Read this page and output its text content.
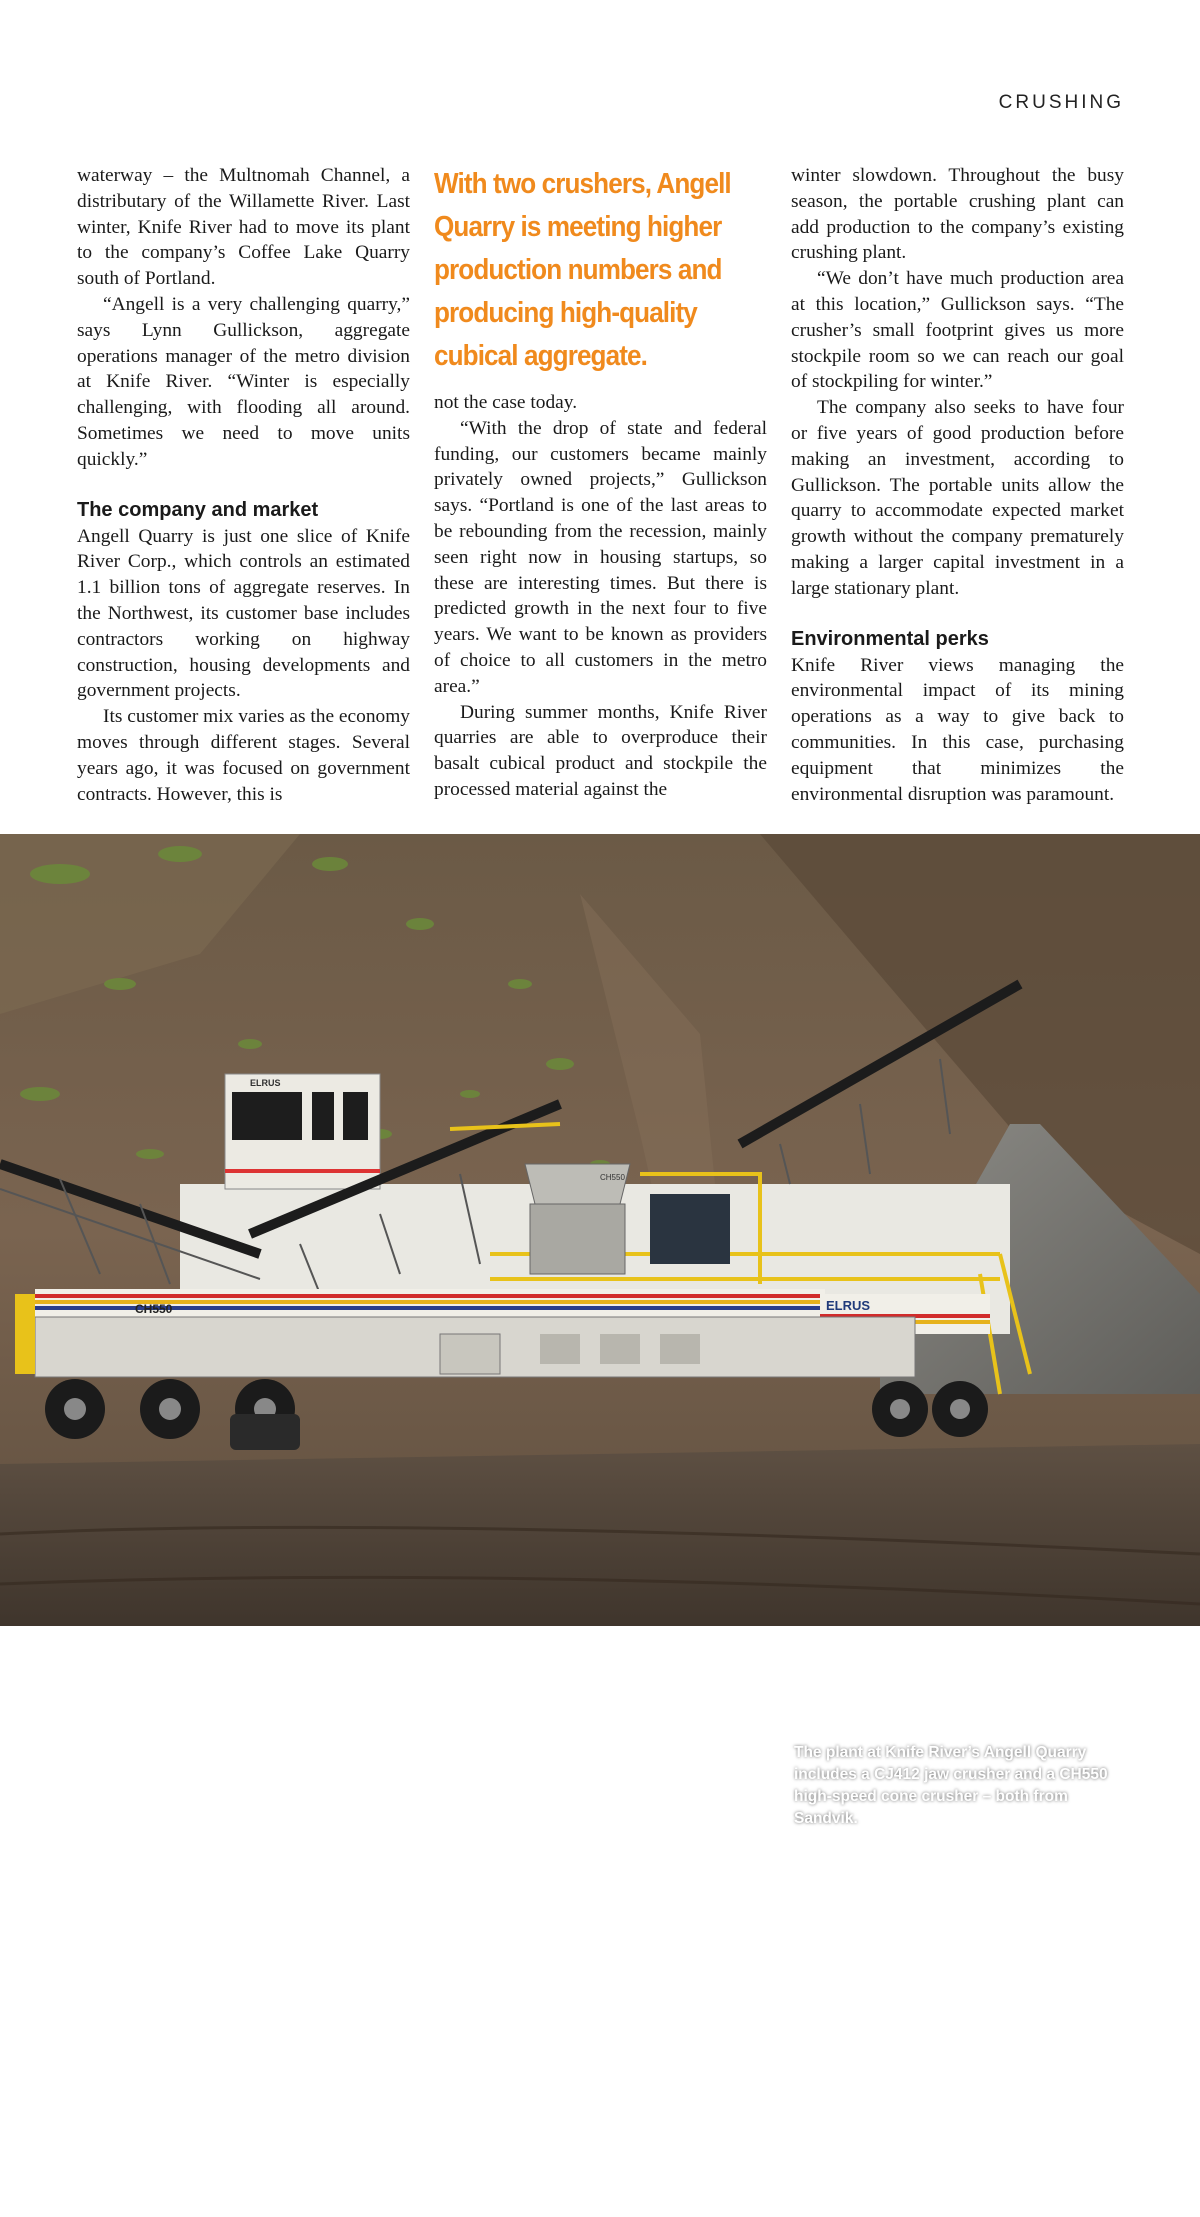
CRUSHING

waterway – the Multnomah Channel, a distributary of the Willamette River. Last winter, Knife River had to move its plant to the company’s Coffee Lake Quarry south of Portland.

“Angell is a very challenging quarry,” says Lynn Gullickson, aggregate operations manager of the metro division at Knife River. “Winter is especially challenging, with flooding all around. Sometimes we need to move units quickly.”

The company and market

Angell Quarry is just one slice of Knife River Corp., which controls an estimated 1.1 billion tons of aggregate reserves. In the Northwest, its customer base includes contractors working on highway construction, housing developments and government projects.

Its customer mix varies as the economy moves through different stages. Several years ago, it was focused on government contracts. However, this is

With two crushers, Angell Quarry is meeting higher production numbers and producing high-quality cubical aggregate.

not the case today.

“With the drop of state and federal funding, our customers became mainly privately owned projects,” Gullickson says. “Portland is one of the last areas to be rebounding from the recession, mainly seen right now in housing startups, so these are interesting times. But there is predicted growth in the next four to five years. We want to be known as providers of choice to all customers in the metro area.”

During summer months, Knife River quarries are able to overproduce their basalt cubical product and stockpile the processed material against the

winter slowdown. Throughout the busy season, the portable crushing plant can add production to the company’s existing crushing plant.

“We don’t have much production area at this location,” Gullickson says. “The crusher’s small footprint gives us more stockpile room so we can reach our goal of stockpiling for winter.”

The company also seeks to have four or five years of good production before making an investment, according to Gullickson. The portable units allow the quarry to accommodate expected market growth without the company prematurely making a larger capital investment in a large stationary plant.

Environmental perks

Knife River views managing the environmental impact of its mining operations as a way to give back to communities. In this case, purchasing equipment that minimizes the environmental disruption was paramount.

ELRUS
CH550
CH550	ELRUS
The plant at Knife River’s Angell Quarry includes a CJ412 jaw crusher and a CH550 high-speed cone crusher – both from Sandvik.
December 2017 PP&E 23
